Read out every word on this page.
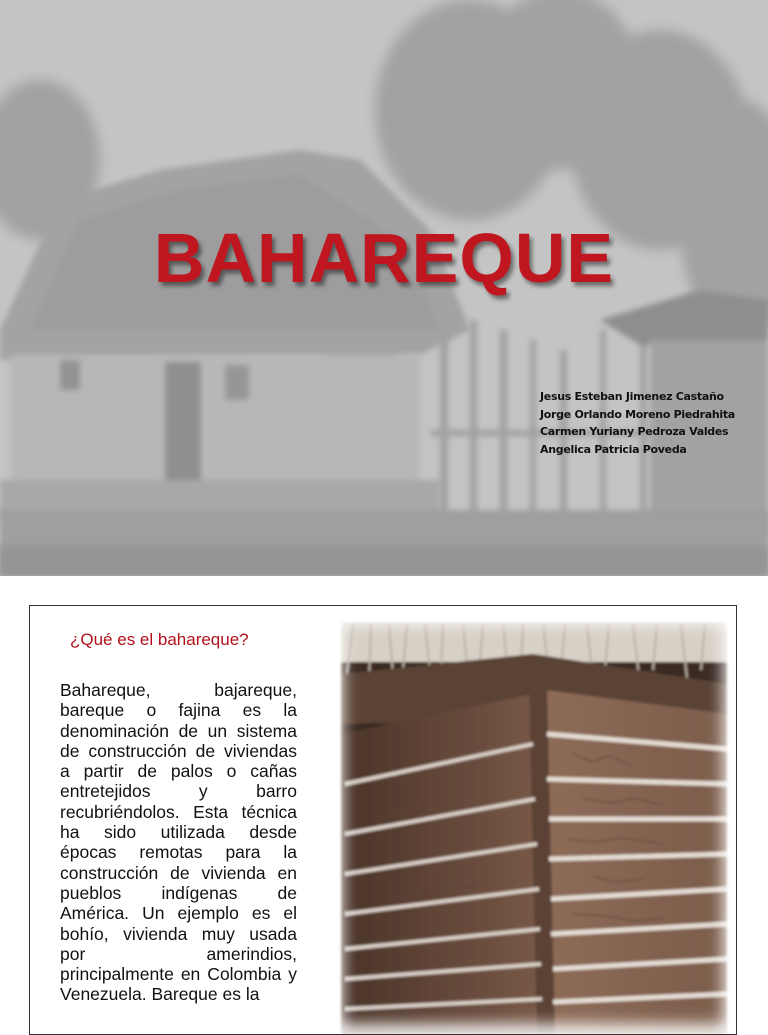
BAHAREQUE
Jesus Esteban Jimenez Castaño
Jorge Orlando Moreno Piedrahita
Carmen Yuriany Pedroza Valdes
Angelica Patricia Poveda
¿Qué es el bahareque?
Bahareque, bajareque, bareque o fajina es la denominación de un sistema de construcción de viviendas a partir de palos o cañas entretejidos y barro recubriéndolos. Esta técnica ha sido utilizada desde épocas remotas para la construcción de vivienda en pueblos indígenas de América. Un ejemplo es el bohío, vivienda muy usada por amerindios, principalmente en Colombia y Venezuela. Bareque es la
